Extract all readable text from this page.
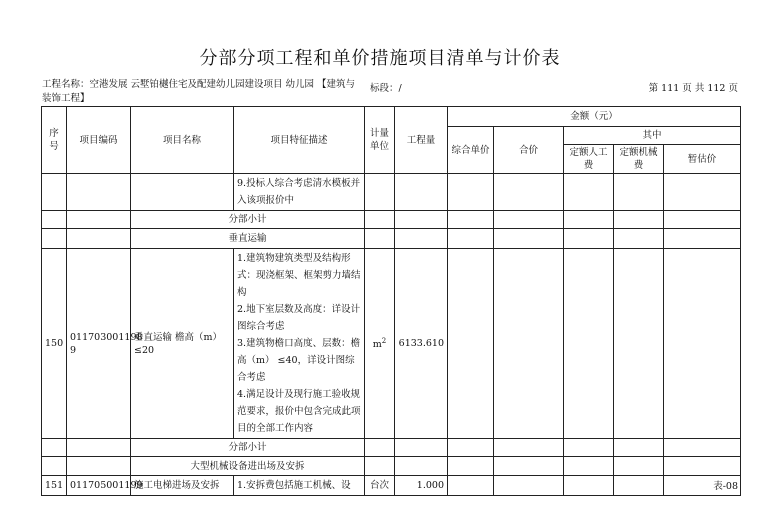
分部分项工程和单价措施项目清单与计价表
工程名称：空港发展 云墅铂樾住宅及配建幼儿园建设项目 幼儿园 【建筑与装饰工程】
标段：/	第 111 页 共 112 页
序号	项目编码	项目名称	项目特征描述	计量单位	工程量	金额（元）				
						综合单价	合价	其中		
								定额人工费	定额机械费	暂估价
			9.投标人综合考虑清水模板并入该项报价中							
		分部小计								
		垂直运输								
150	011703001198 9	垂直运输 檐高（m） ≤20	1.建筑物建筑类型及结构形式：现浇框架、框架剪力墙结构
2.地下室层数及高度：详设计图综合考虑
3.建筑物檐口高度、层数：檐高（m） ≤40，详设计图综合考虑
4.满足设计及现行施工验收规范要求，报价中包含完成此项目的全部工作内容	$m^2$	6133.610					
		分部小计								
		大型机械设备进出场及安拆								
151	011705001199	施工电梯进场及安拆	1.安拆费包括施工机械、设	台次	1.000						表-08
